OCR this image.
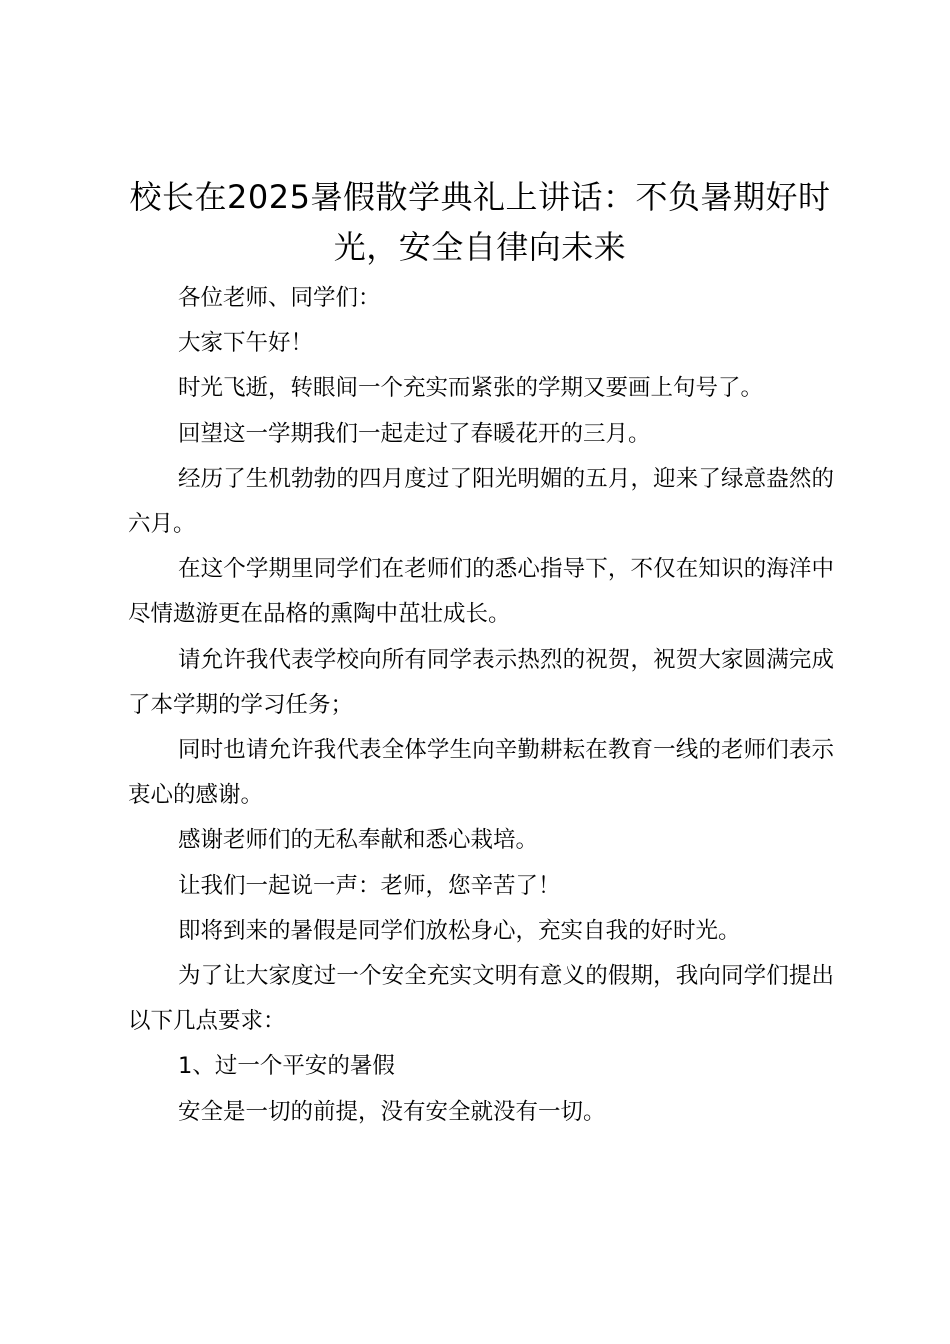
校长在2025暑假散学典礼上讲话：不负暑期好时光，安全自律向未来

各位老师、同学们：

大家下午好！

时光飞逝，转眼间一个充实而紧张的学期又要画上句号了。

回望这一学期我们一起走过了春暖花开的三月。

经历了生机勃勃的四月度过了阳光明媚的五月，迎来了绿意盎然的六月。

在这个学期里同学们在老师们的悉心指导下，不仅在知识的海洋中尽情遨游更在品格的熏陶中茁壮成长。

请允许我代表学校向所有同学表示热烈的祝贺，祝贺大家圆满完成了本学期的学习任务；

同时也请允许我代表全体学生向辛勤耕耘在教育一线的老师们表示衷心的感谢。

感谢老师们的无私奉献和悉心栽培。

让我们一起说一声：老师，您辛苦了！

即将到来的暑假是同学们放松身心，充实自我的好时光。

为了让大家度过一个安全充实文明有意义的假期，我向同学们提出以下几点要求：

1、过一个平安的暑假

安全是一切的前提，没有安全就没有一切。
